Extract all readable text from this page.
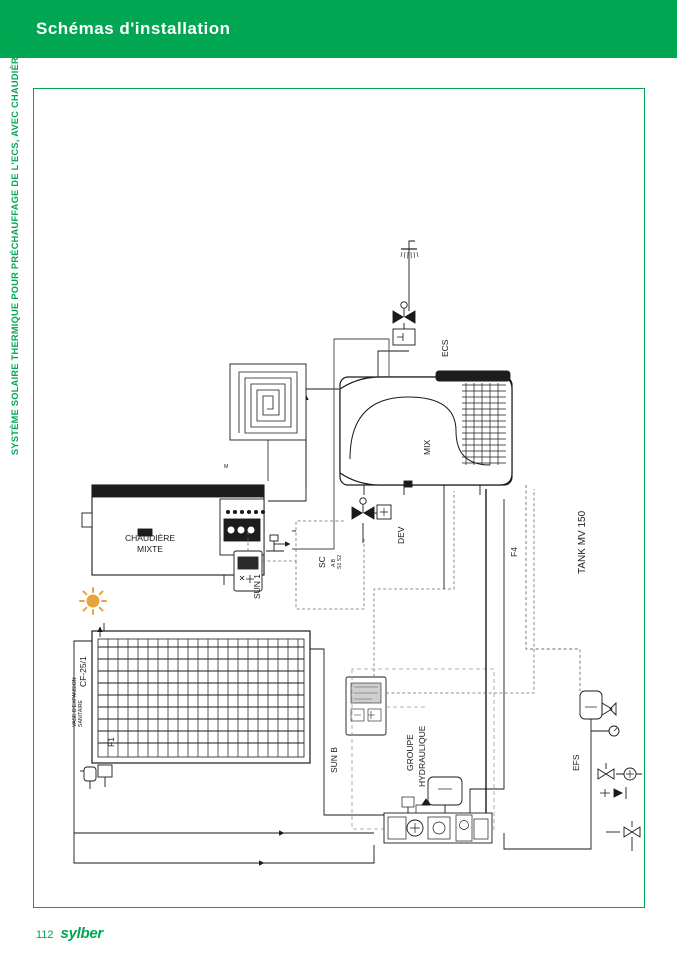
Schémas d'installation
SYSTÈME SOLAIRE THERMIQUE POUR PRÉCHAUFFAGE DE L'ECS, AVEC CHAUDIÈRE MIXTE
112 sylber
ECS
MIX
DEV	TANK MV 150
F4
CHAUDIÈRE
MIXTE
SUN 1
SC A B S1 S2
SUN B	GROUPE HYDRAULIQUE
CF-25/1
F1
VASE D'EXPANSION SANITAIRE
EFS
M
